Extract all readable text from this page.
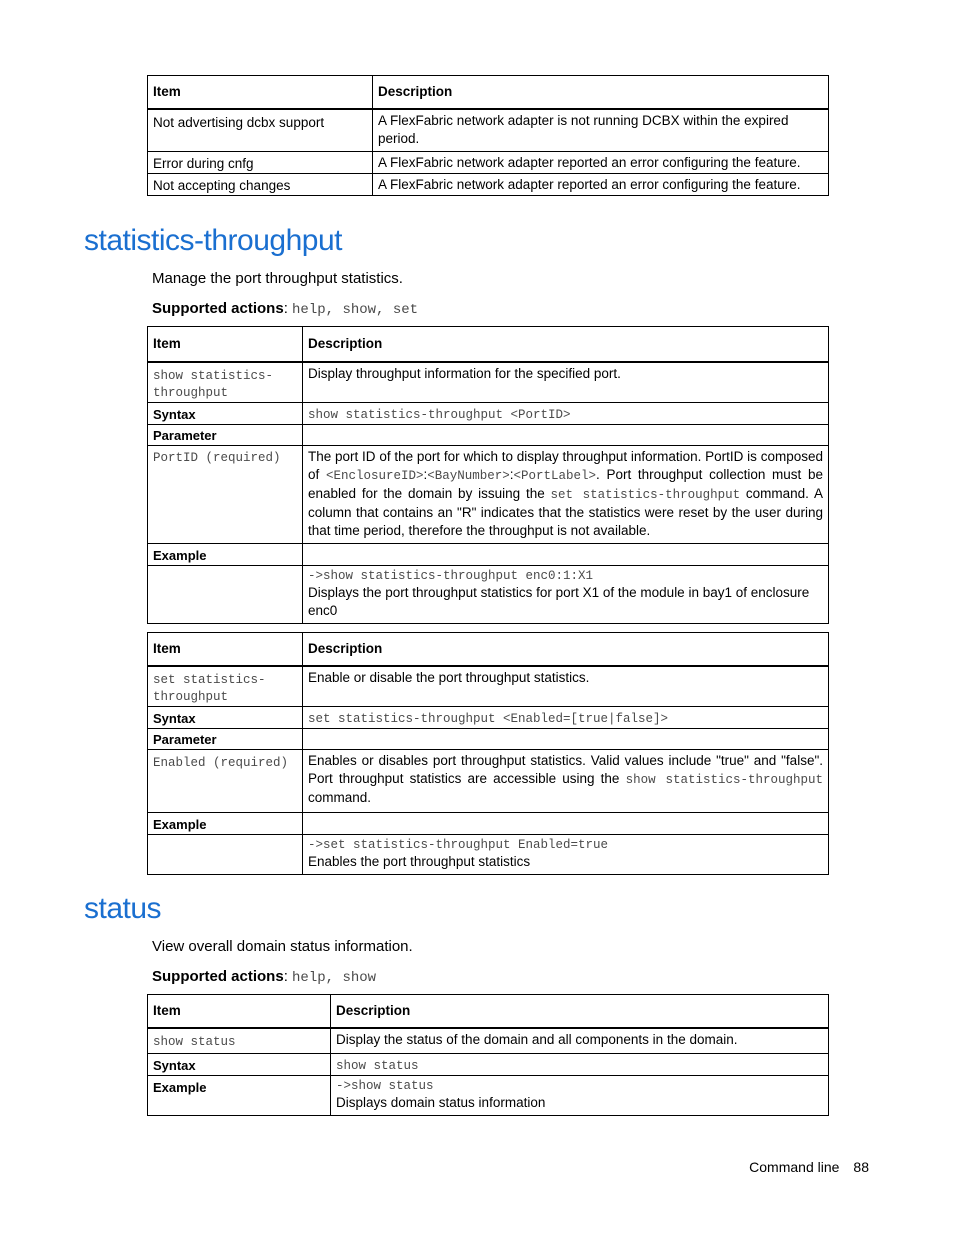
Item	Description
Not advertising dcbx support	A FlexFabric network adapter is not running DCBX within the expired period.
Error during cnfg	A FlexFabric network adapter reported an error configuring the feature.
Not accepting changes	A FlexFabric network adapter reported an error configuring the feature.
statistics-throughput

Manage the port throughput statistics.

Supported actions: help, show, set

Item	Description
show statistics-throughput	Display throughput information for the specified port.
Syntax	show statistics-throughput <PortID>
Parameter	
PortID (required)	The port ID of the port for which to display throughput information. PortID is composed of <EnclosureID>:<BayNumber>:<PortLabel>. Port throughput collection must be enabled for the domain by issuing the set statistics-throughput command. A column that contains an "R" indicates that the statistics were reset by the user during that time period, therefore the throughput is not available.
Example	

	->show statistics-throughput enc0:1:X1
Displays the port throughput statistics for port X1 of the module in bay1 of enclosure enc0
Item	Description
set statistics-throughput	Enable or disable the port throughput statistics.
Syntax	set statistics-throughput <Enabled=[true|false]>
Parameter	
Enabled (required)	Enables or disables port throughput statistics. Valid values include "true" and "false". Port throughput statistics are accessible using the show statistics-throughput command.
Example	

	->set statistics-throughput Enabled=true
Enables the port throughput statistics
status

View overall domain status information.

Supported actions: help, show

Item	Description
show status	Display the status of the domain and all components in the domain.
Syntax	show status
Example	->show status
Displays domain status information
Command line 88
